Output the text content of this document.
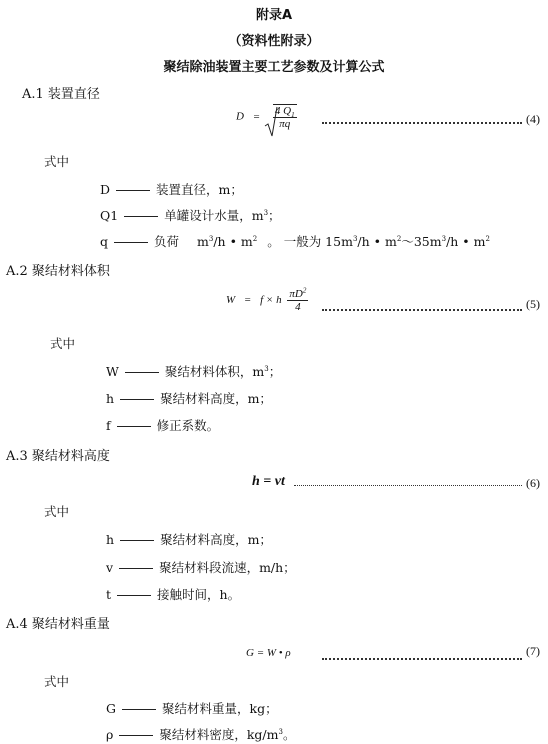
附录A
（资料性附录）
聚结除油装置主要工艺参数及计算公式
A.1 装置直径
$D = \frac{4 Q_1}{\pi q}$	(4)
式中
D	装置直径，m；
Q1	单罐设计水量，$m^3$；
q	负荷 $m^3/h$ • $m^2$ 。 一般为 $15m^3/h$ • $m^2\sim 35m^3/h$ • $m^2$
A.2 聚结材料体积
W = f × h $\frac{\pi D^2}{4}$	(5)
式中
W	聚结材料体积，$m^3$；
h	聚结材料高度，m；
f	修正系数。
A.3 聚结材料高度
h = vt	(6)
式中
h	聚结材料高度，m；
v	聚结材料段流速，m/h；
t	接触时间，h。
A.4 聚结材料重量
G = W • ρ	(7)
式中
G	聚结材料重量，kg；
ρ	聚结材料密度，$kg/m^3$。
